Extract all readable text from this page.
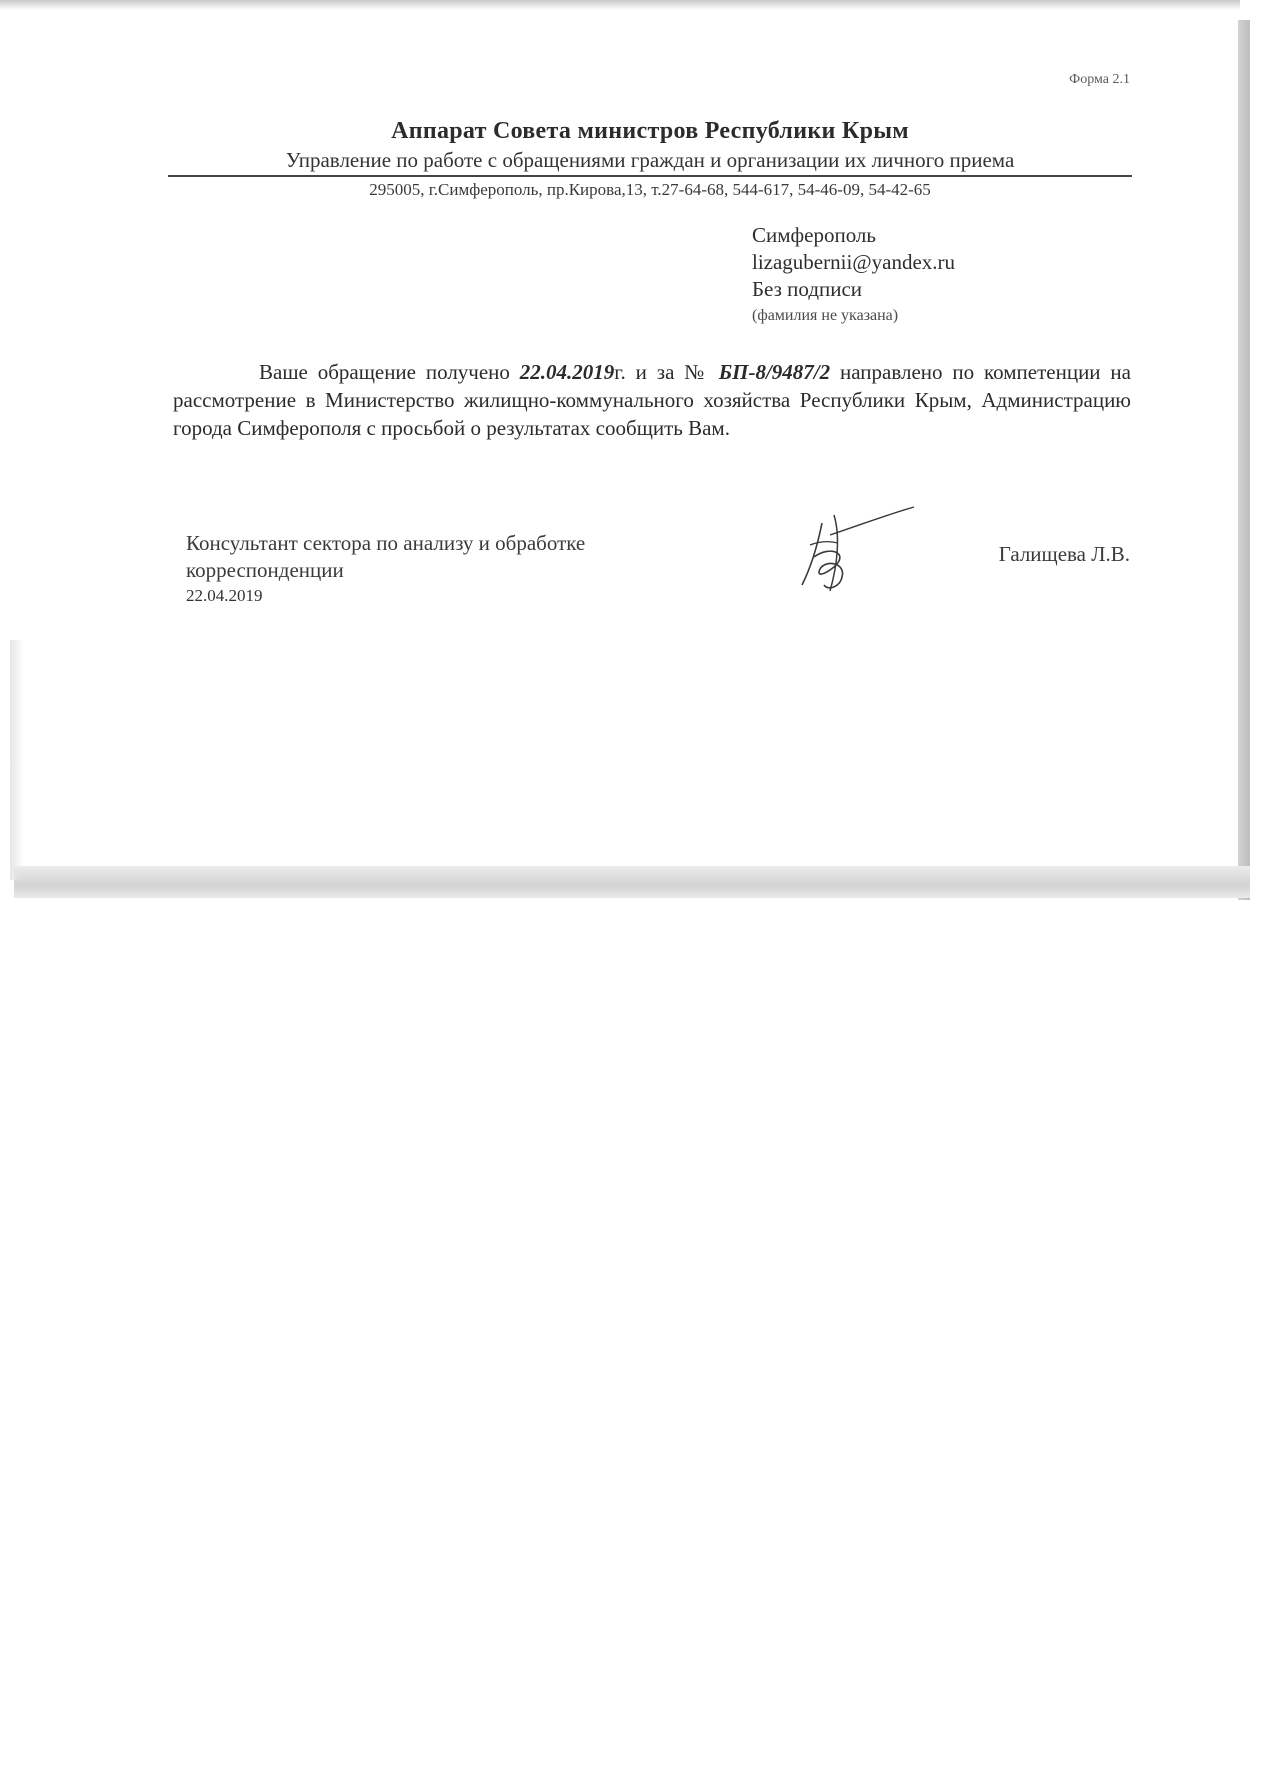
Форма 2.1
Аппарат Совета министров Республики Крым
Управление по работе с обращениями граждан и организации их личного приема
295005, г.Симферополь, пр.Кирова,13, т.27-64-68, 544-617, 54-46-09, 54-42-65
Симферополь
lizagubernii@yandex.ru
Без подписи
(фамилия не указана)
Ваше обращение получено 22.04.2019г. и за № БП-8/9487/2 направлено по компетенции на рассмотрение в Министерство жилищно-коммунального хозяйства Республики Крым, Администрацию города Симферополя с просьбой о результатах сообщить Вам.
Консультант сектора по анализу и обработке
корреспонденции
22.04.2019
Галищева Л.В.
